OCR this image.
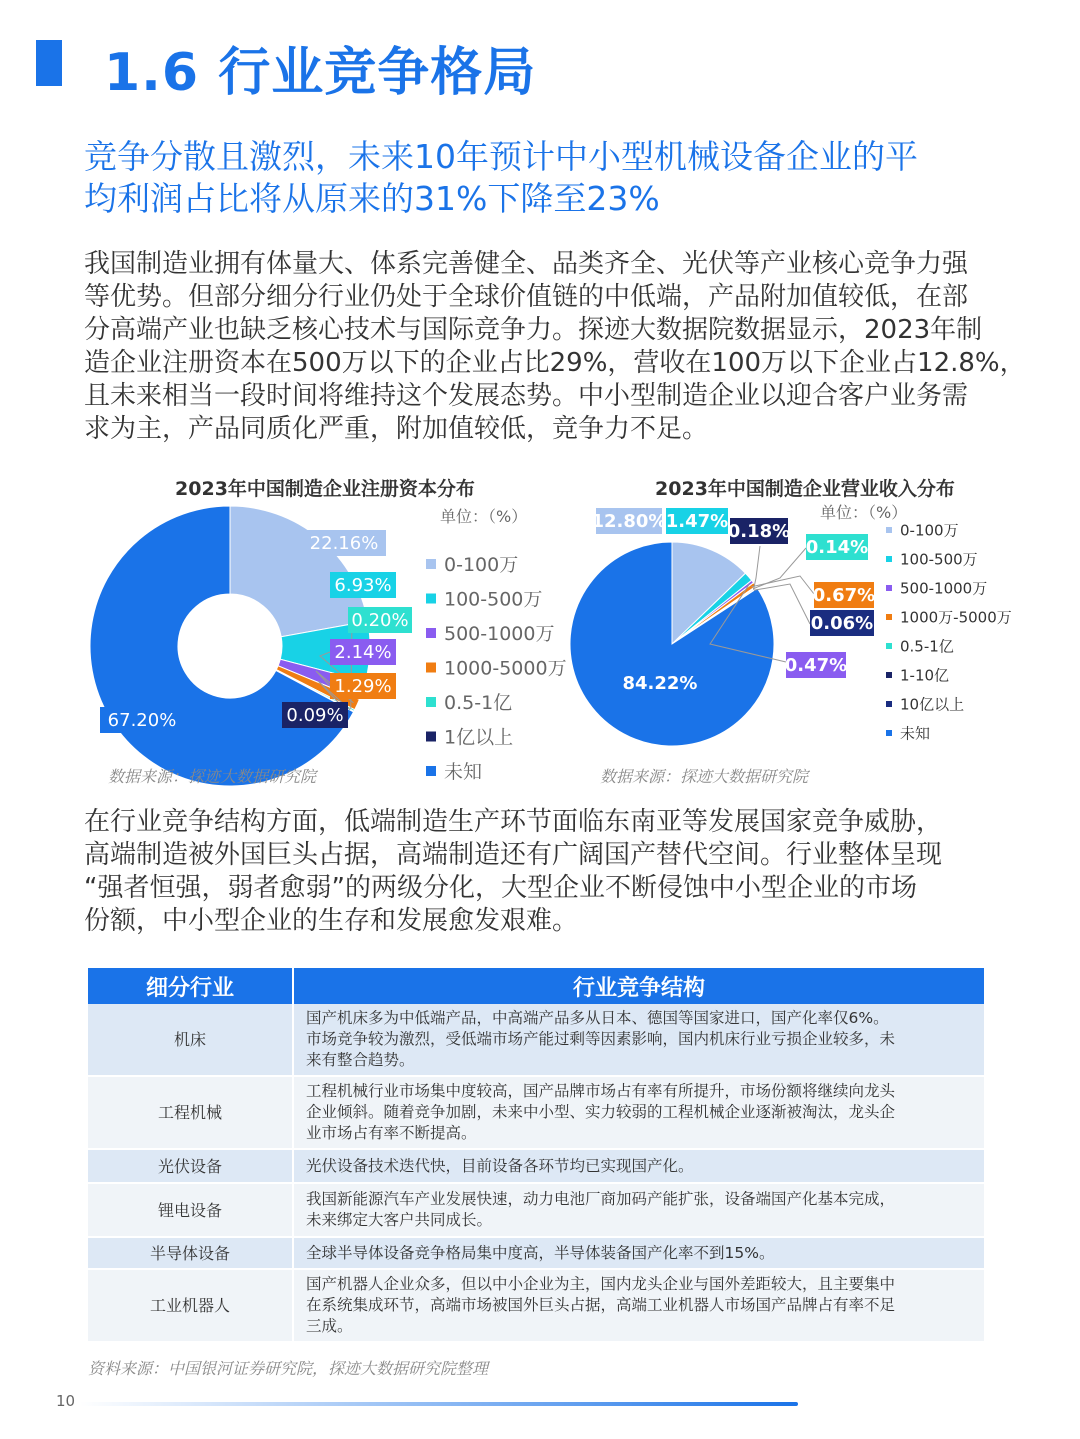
1.6 行业竞争格局
竞争分散且激烈，未来10年预计中小型机械设备企业的平
均利润占比将从原来的31%下降至23%
我国制造业拥有体量大、体系完善健全、品类齐全、光伏等产业核心竞争力强
等优势。但部分细分行业仍处于全球价值链的中低端，产品附加值较低，在部
分高端产业也缺乏核心技术与国际竞争力。探迹大数据院数据显示，2023年制
造企业注册资本在500万以下的企业占比29%，营收在100万以下企业占12.8%，
且未来相当一段时间将维持这个发展态势。中小型制造企业以迎合客户业务需
求为主，产品同质化严重，附加值较低，竞争力不足。
2023年中国制造企业注册资本分布
单位：（%）
0-100万
100-500万
500-1000万
1000-5000万
0.5-1亿
1亿以上
未知
22.16%
6.93%
0.20%
2.14%
1.29%
0.09%
67.20%
数据来源：探迹大数据研究院
2023年中国制造企业营业收入分布
单位：（%）
0-100万
100-500万
500-1000万
1000万-5000万
0.5-1亿
1-10亿
10亿以上
未知
12.80% 1.47% 0.18%
0.14%
0.67%
0.06%
0.47%
84.22%
数据来源：探迹大数据研究院
在行业竞争结构方面，低端制造生产环节面临东南亚等发展国家竞争威胁，
高端制造被外国巨头占据，高端制造还有广阔国产替代空间。行业整体呈现
“强者恒强，弱者愈弱”的两级分化，大型企业不断侵蚀中小型企业的市场
份额，中小型企业的生存和发展愈发艰难。
细分行业	行业竞争结构
机床	国产机床多为中低端产品，中高端产品多从日本、德国等国家进口，国产化率仅6%。
市场竞争较为激烈，受低端市场产能过剩等因素影响，国内机床行业亏损企业较多，未
来有整合趋势。

工程机械	工程机械行业市场集中度较高，国产品牌市场占有率有所提升，市场份额将继续向龙头
企业倾斜。随着竞争加剧，未来中小型、实力较弱的工程机械企业逐渐被淘汰，龙头企
业市场占有率不断提高。

光伏设备	光伏设备技术迭代快，目前设备各环节均已实现国产化。

锂电设备	我国新能源汽车产业发展快速，动力电池厂商加码产能扩张，设备端国产化基本完成，
未来绑定大客户共同成长。

半导体设备	全球半导体设备竞争格局集中度高，半导体装备国产化率不到15%。

工业机器人	国产机器人企业众多，但以中小企业为主，国内龙头企业与国外差距较大，且主要集中
在系统集成环节，高端市场被国外巨头占据，高端工业机器人市场国产品牌占有率不足
三成。
资料来源：中国银河证券研究院，探迹大数据研究院整理
10
